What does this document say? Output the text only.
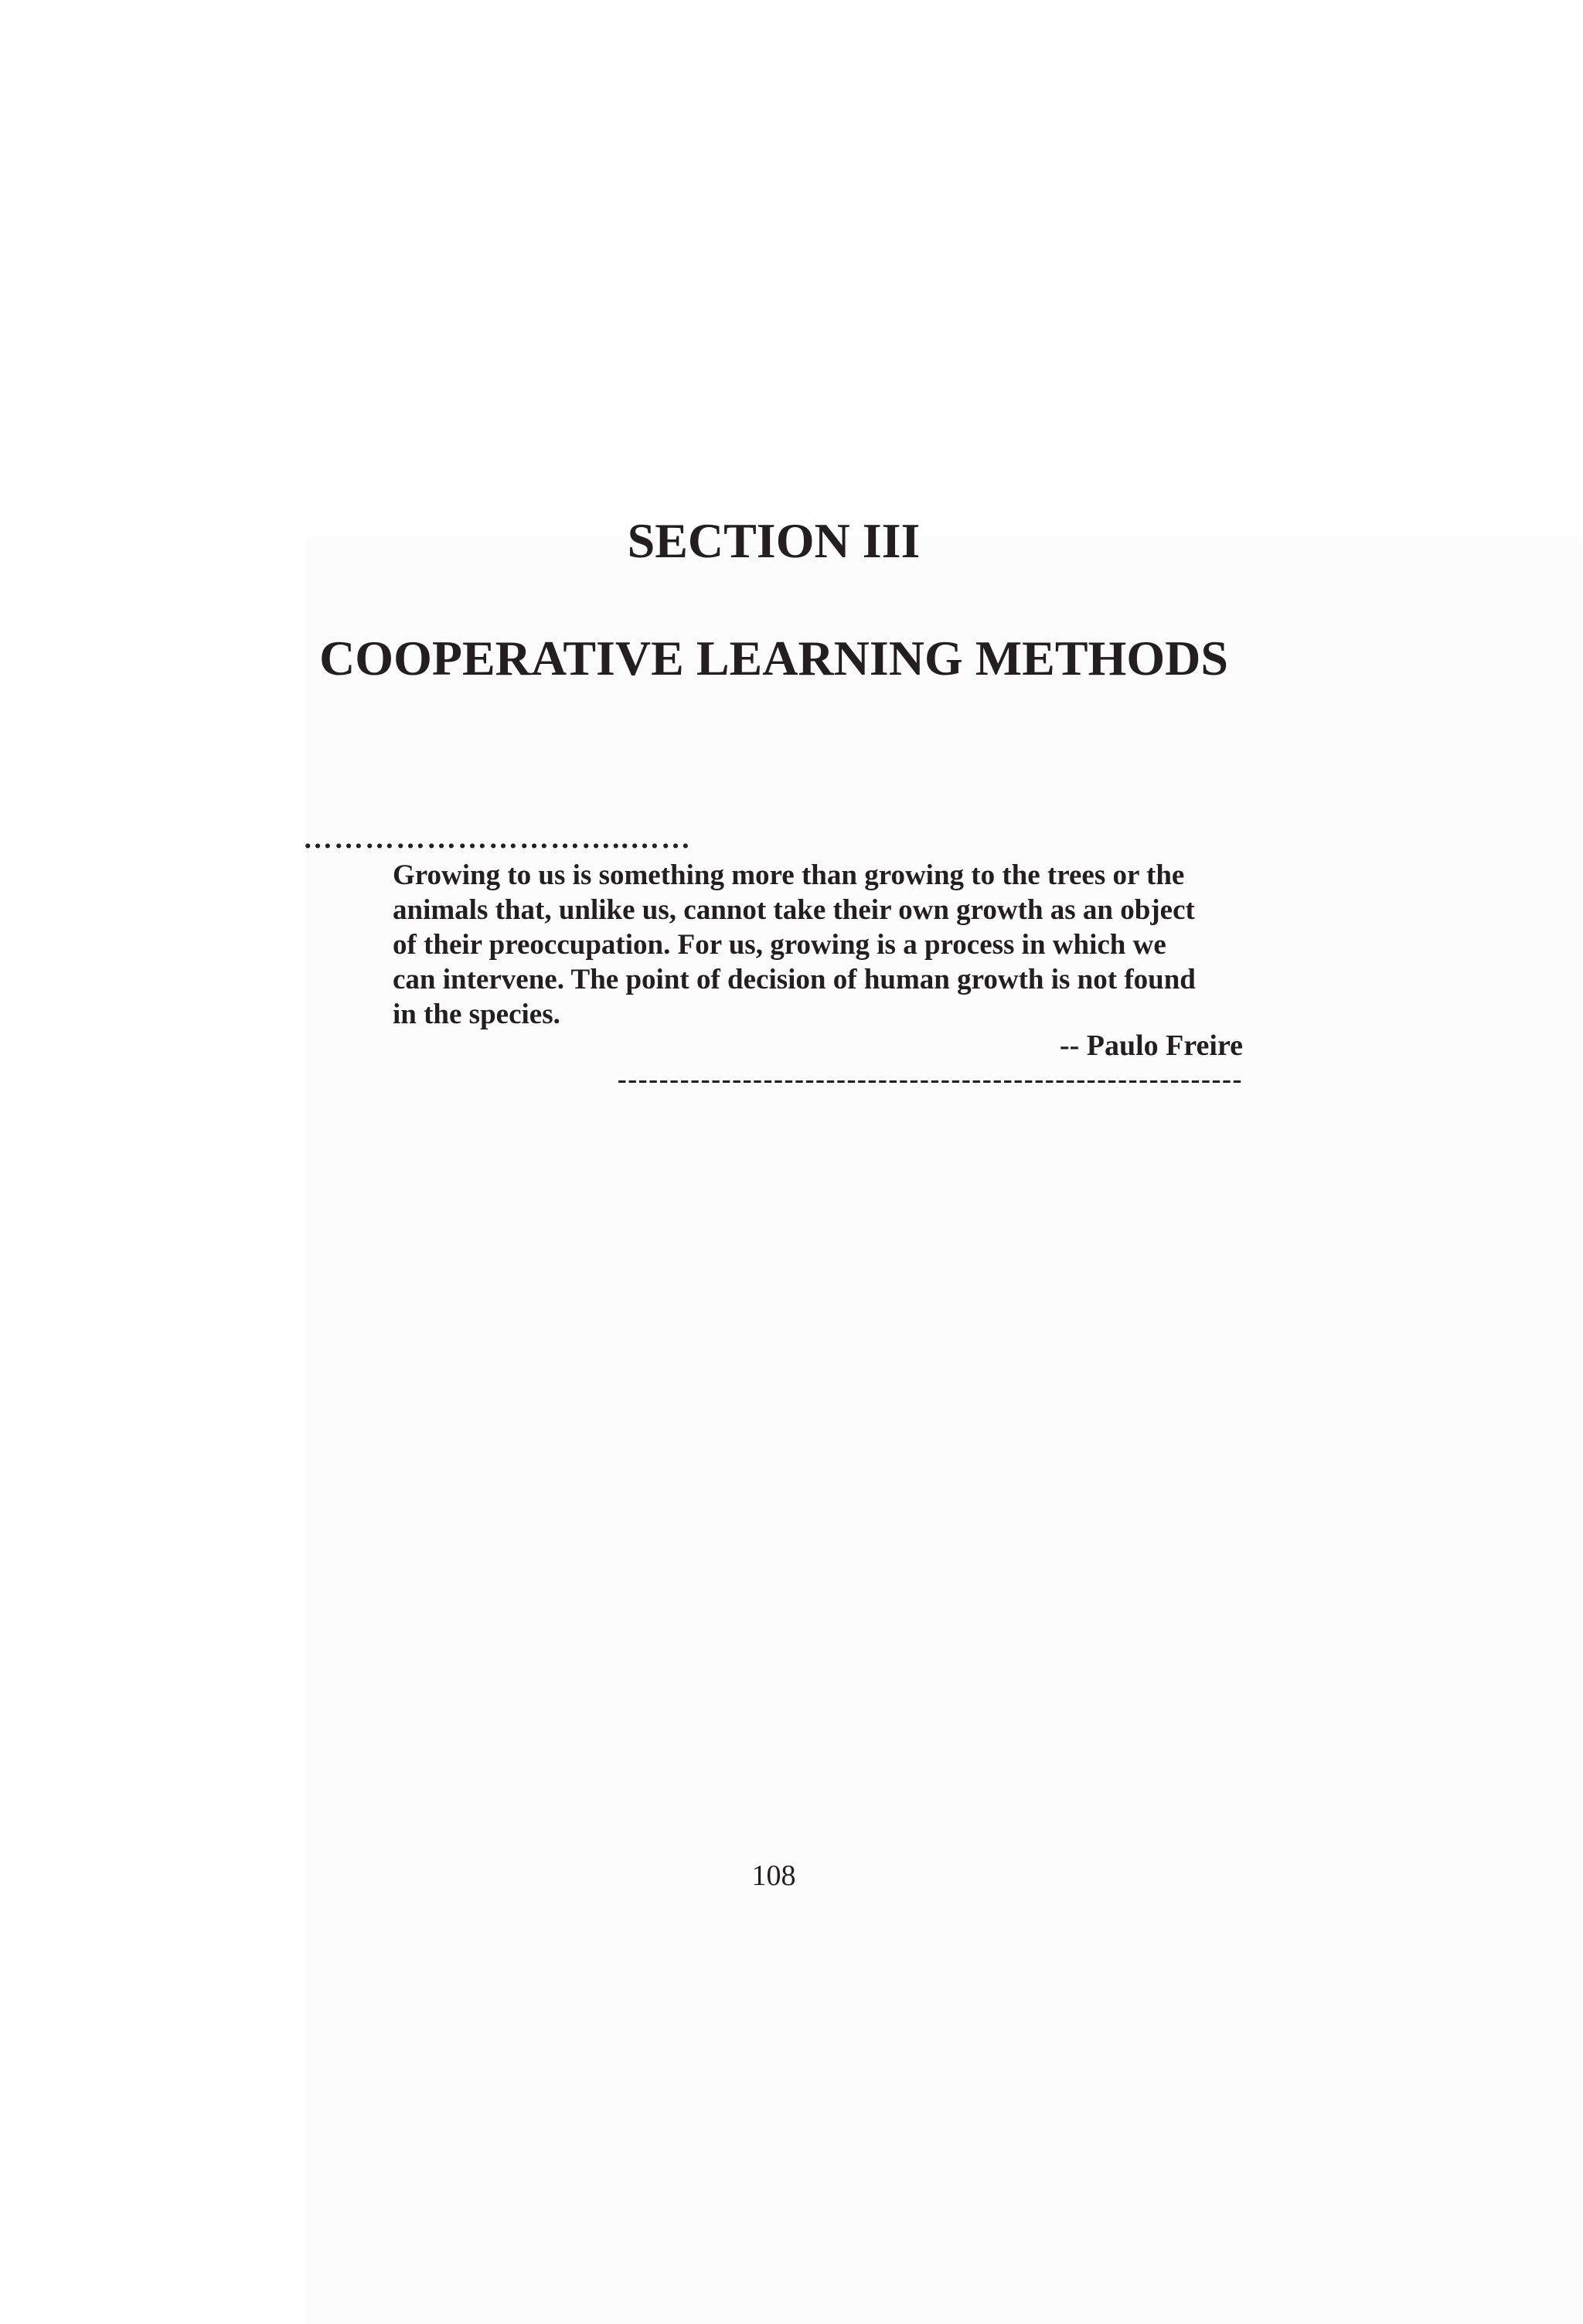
SECTION III
COOPERATIVE LEARNING METHODS
…………………………..……
Growing to us is something more than growing to the trees or the
animals that, unlike us, cannot take their own growth as an object
of their preoccupation. For us, growing is a process in which we
can intervene. The point of decision of human growth is not found
in the species.
-- Paulo Freire
------------------------------------------------------------
108
